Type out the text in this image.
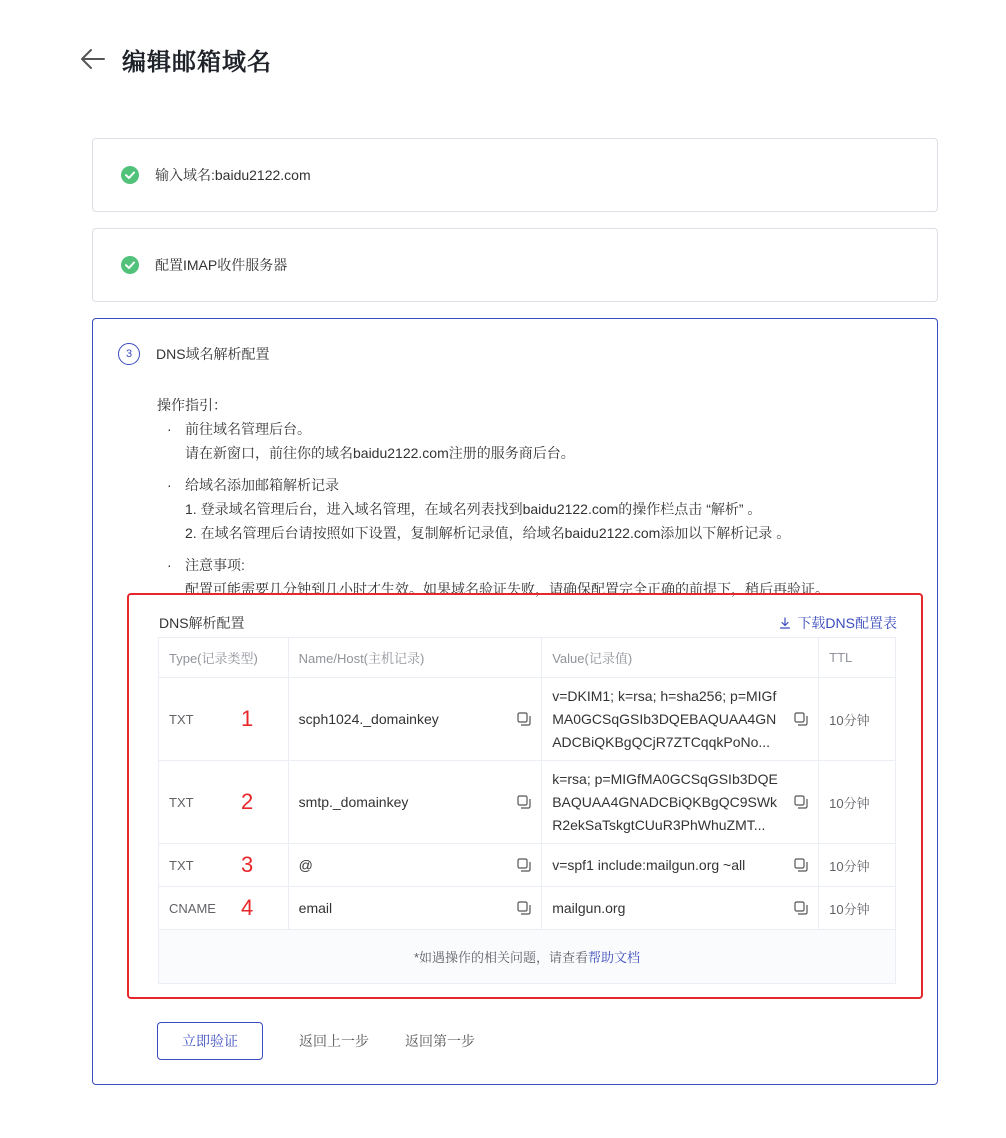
编辑邮箱域名
输入域名:baidu2122.com
配置IMAP收件服务器
3	DNS域名解析配置
操作指引：
· 前往域名管理后台。
请在新窗口，前往你的域名baidu2122.com注册的服务商后台。
· 给域名添加邮箱解析记录
1. 登录域名管理后台，进入域名管理，在域名列表找到baidu2122.com的操作栏点击 “解析” 。
2. 在域名管理后台请按照如下设置，复制解析记录值，给域名baidu2122.com添加以下解析记录 。
· 注意事项:
配置可能需要几分钟到几小时才生效。如果域名验证失败，请确保配置完全正确的前提下，稍后再验证。
DNS解析配置	下载DNS配置表
Type(记录类型)	Name/Host(主机记录)	Value(记录值)	TTL
TXT 1	scph1024._domainkey	v=DKIM1; k=rsa; h=sha256; p=MIGfMA0GCSqGSIb3DQEBAQUAA4GNADCBiQKBgQCjR7ZTCqqkPoNo...	10分钟
TXT 2	smtp._domainkey	k=rsa; p=MIGfMA0GCSqGSIb3DQEBAQUAA4GNADCBiQKBgQC9SWkR2ekSaTskgtCUuR3PhWhuZMT...	10分钟
TXT 3	@	v=spf1 include:mailgun.org ~all	10分钟
CNAME 4	email	mailgun.org	10分钟
*如遇操作的相关问题，请查看帮助文档			
立即验证	返回上一步	返回第一步
